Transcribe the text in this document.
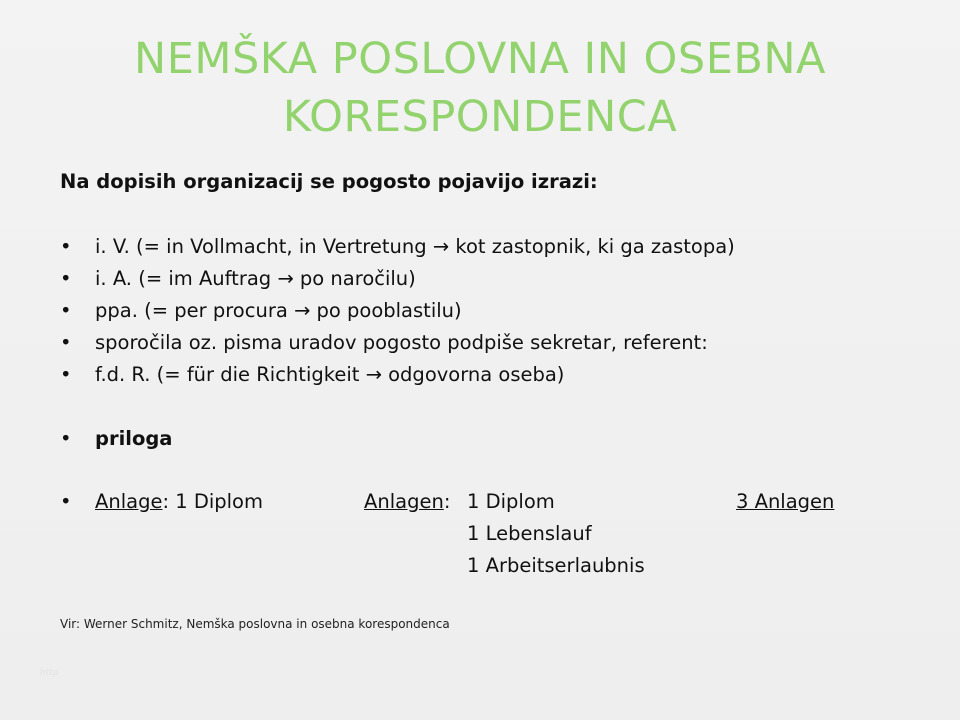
NEMŠKA POSLOVNA IN OSEBNA
KORESPONDENCA
Na dopisih organizacij se pogosto pojavijo izrazi:
• i. V. (= in Vollmacht, in Vertretung → kot zastopnik, ki ga zastopa)
• i. A. (= im Auftrag → po naročilu)
• ppa. (= per procura → po pooblastilu)
• sporočila oz. pisma uradov pogosto podpiše sekretar, referent:
• f.d. R. (= für die Richtigkeit → odgovorna oseba)
• priloga
• Anlage: 1 Diplom	Anlagen: 1 Diplom
1 Lebenslauf
1 Arbeitserlaubnis
3 Anlagen
Vir: Werner Schmitz, Nemška poslovna in osebna korespondenca
http
